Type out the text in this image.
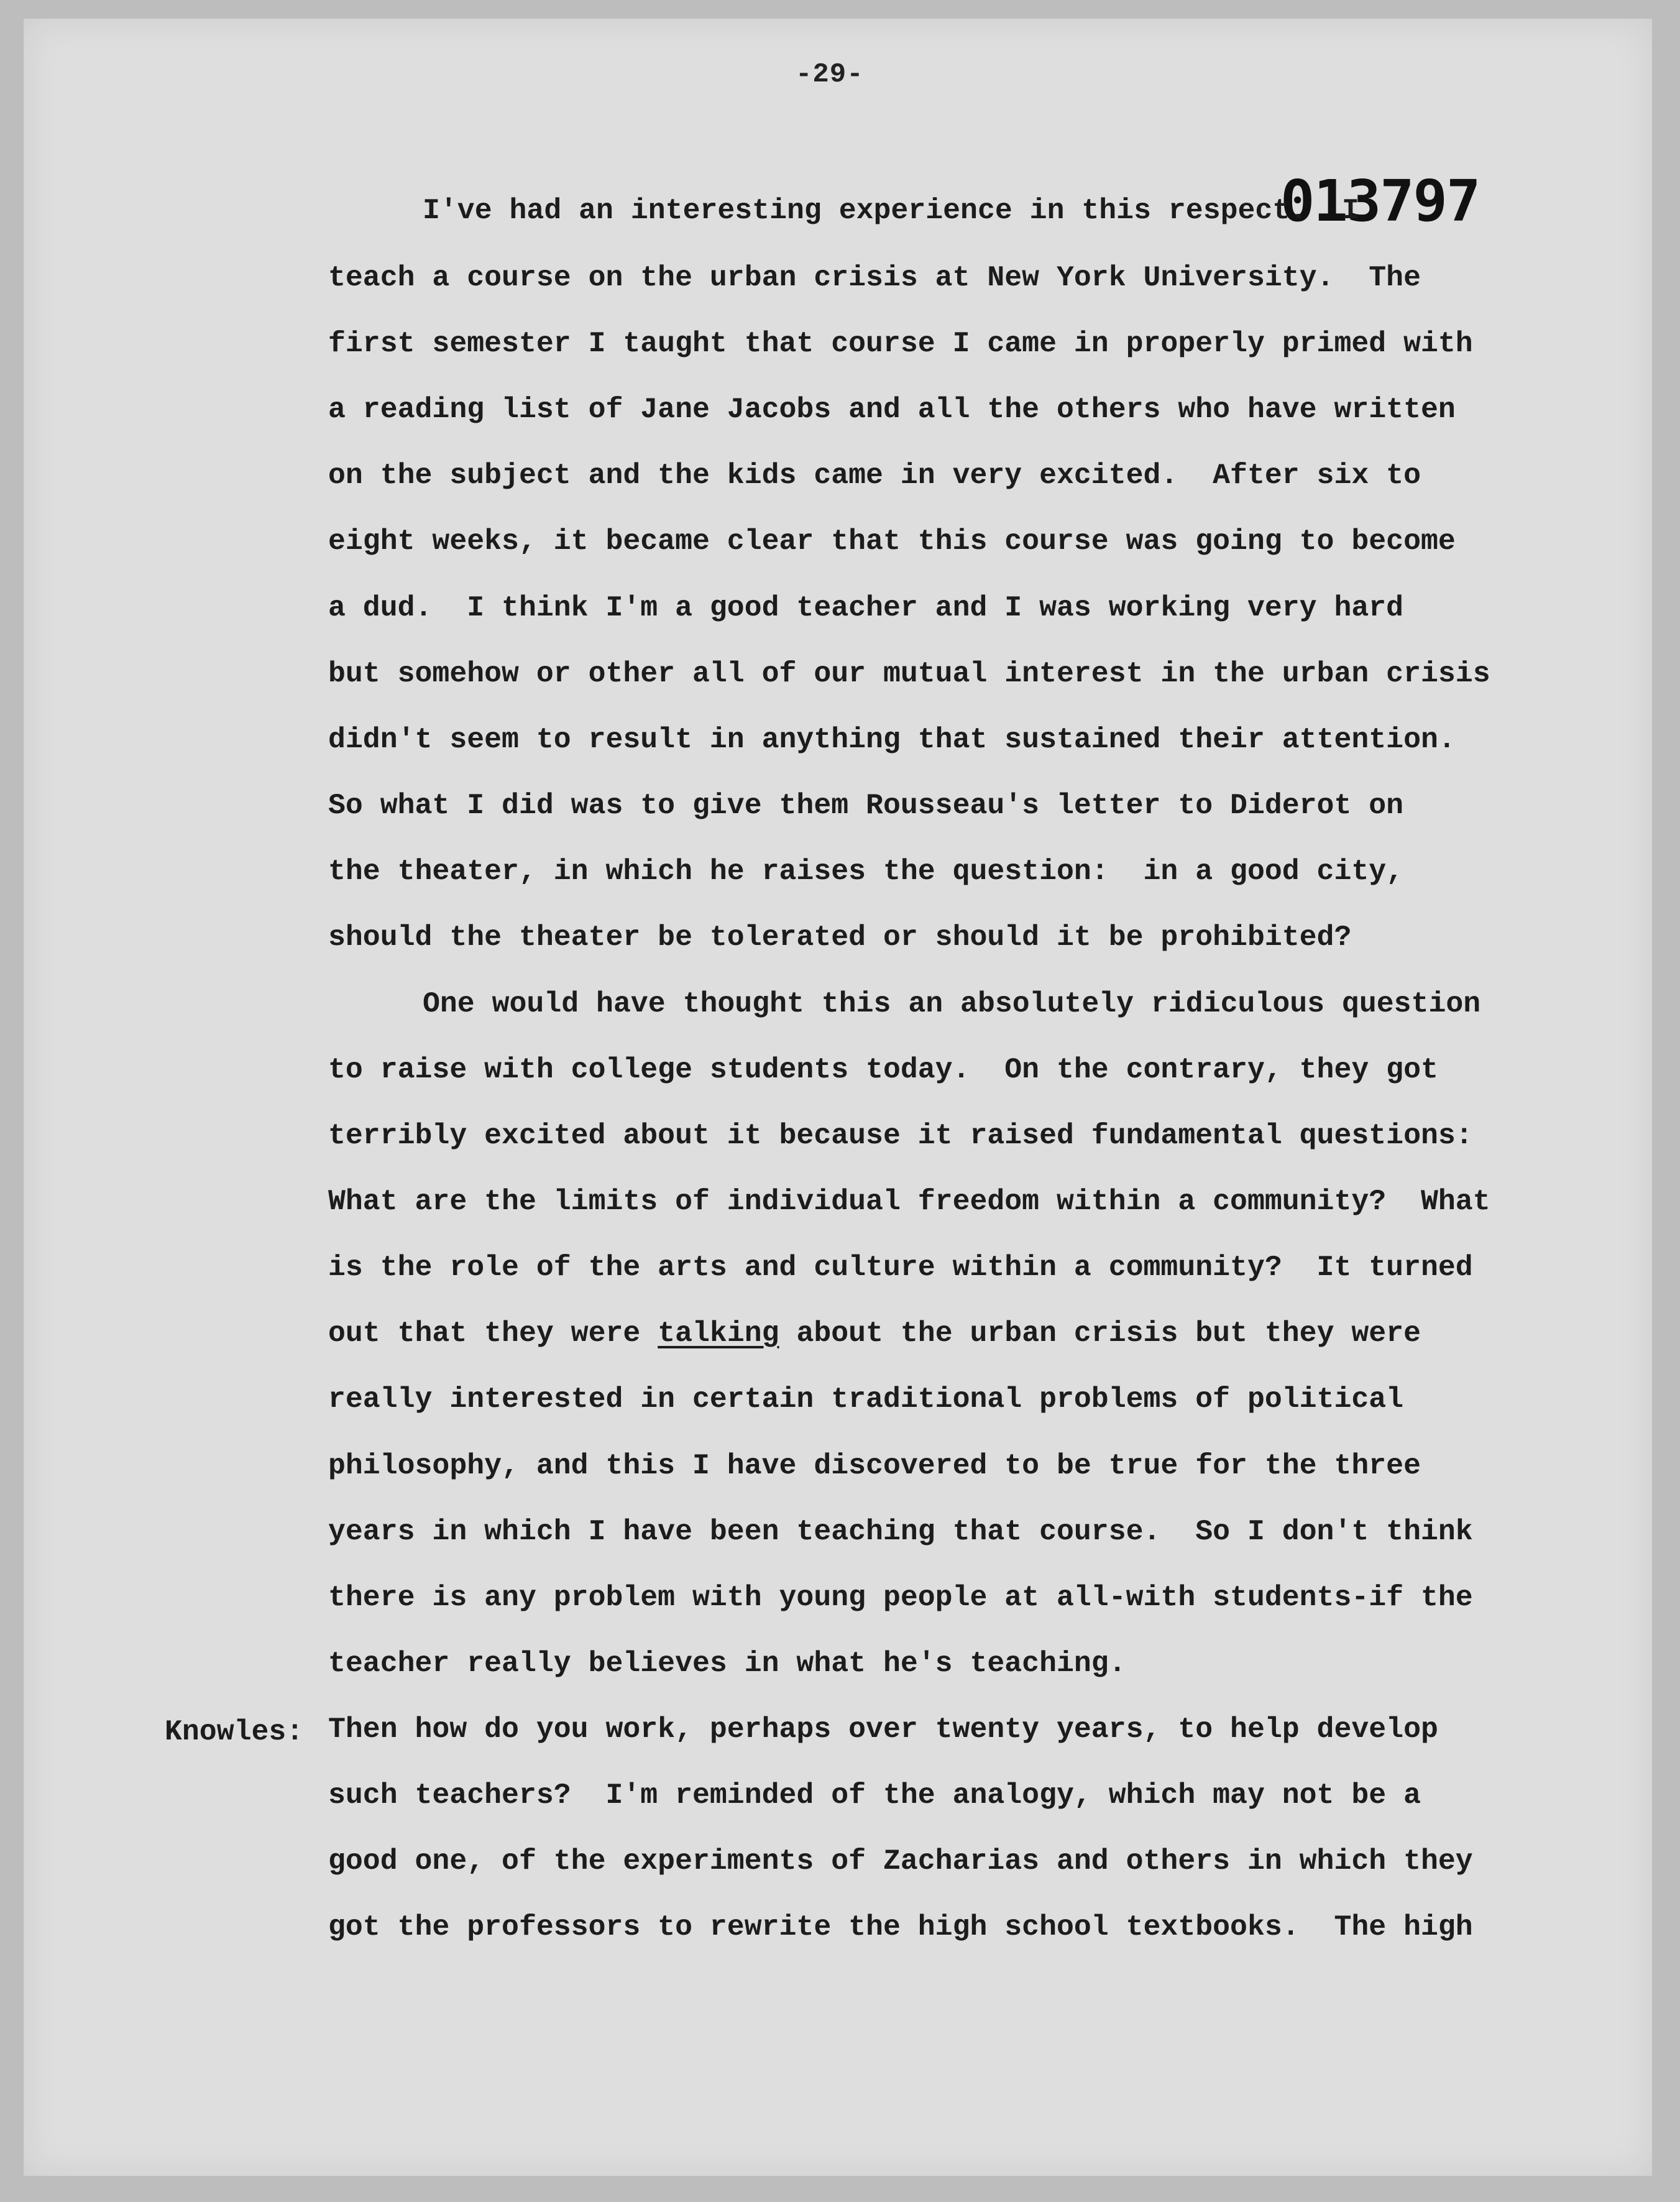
-29-
013797
I've had an interesting experience in this respect.  I
teach a course on the urban crisis at New York University.  The
first semester I taught that course I came in properly primed with
a reading list of Jane Jacobs and all the others who have written
on the subject and the kids came in very excited.  After six to
eight weeks, it became clear that this course was going to become
a dud.  I think I'm a good teacher and I was working very hard
but somehow or other all of our mutual interest in the urban crisis
didn't seem to result in anything that sustained their attention.
So what I did was to give them Rousseau's letter to Diderot on
the theater, in which he raises the question:  in a good city,
should the theater be tolerated or should it be prohibited?
One would have thought this an absolutely ridiculous question
to raise with college students today.  On the contrary, they got
terribly excited about it because it raised fundamental questions:
What are the limits of individual freedom within a community?  What
is the role of the arts and culture within a community?  It turned
out that they were talking about the urban crisis but they were
really interested in certain traditional problems of political
philosophy, and this I have discovered to be true for the three
years in which I have been teaching that course.  So I don't think
there is any problem with young people at all-with students-if the
teacher really believes in what he's teaching.
Knowles: Then how do you work, perhaps over twenty years, to help develop
such teachers?  I'm reminded of the analogy, which may not be a
good one, of the experiments of Zacharias and others in which they
got the professors to rewrite the high school textbooks.  The high
